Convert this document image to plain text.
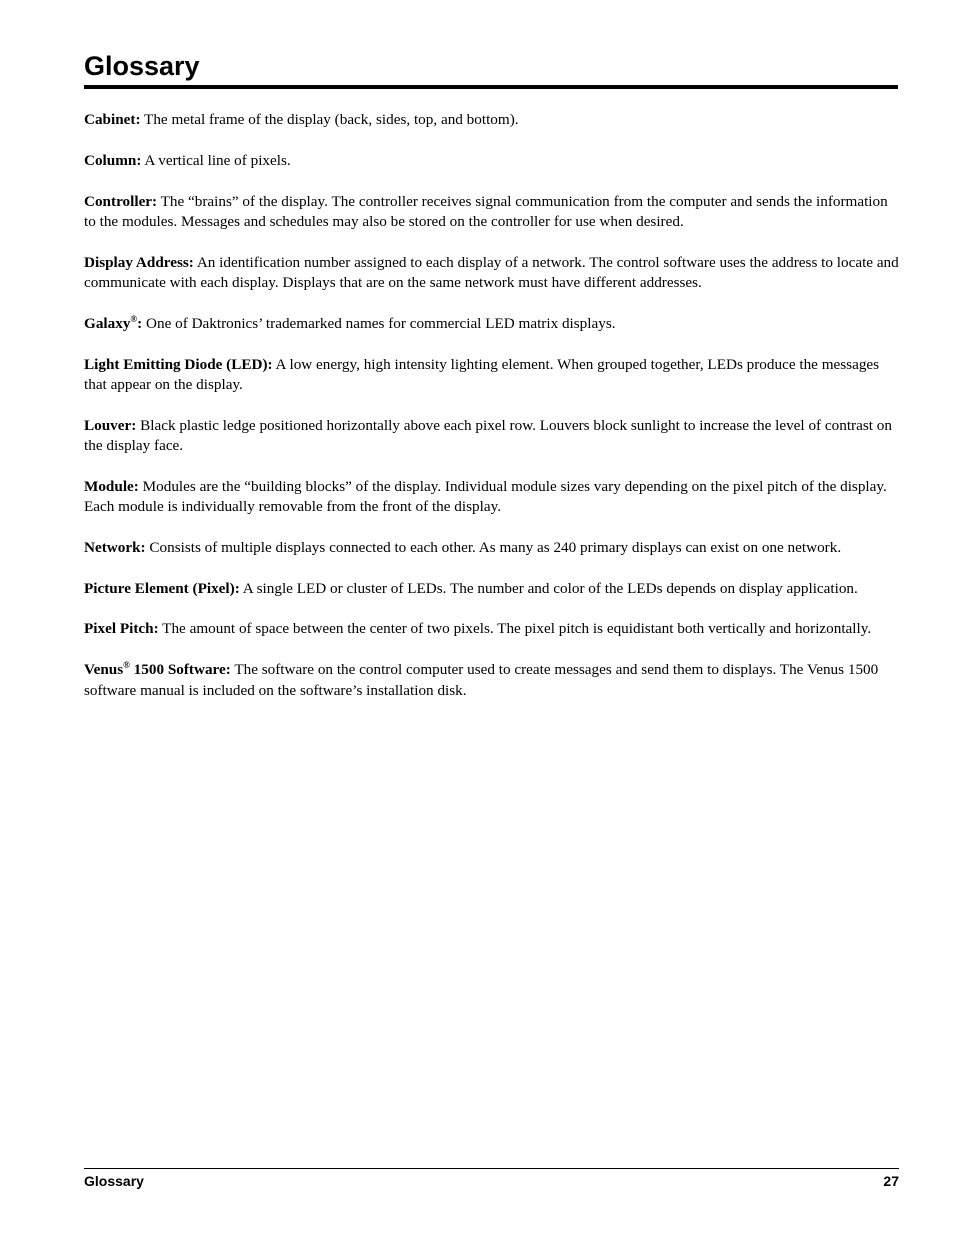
Glossary

Cabinet: The metal frame of the display (back, sides, top, and bottom).

Column: A vertical line of pixels.

Controller: The “brains” of the display. The controller receives signal communication from the computer and sends the information to the modules. Messages and schedules may also be stored on the controller for use when desired.

Display Address: An identification number assigned to each display of a network. The control software uses the address to locate and communicate with each display. Displays that are on the same network must have different addresses.

Galaxy®: One of Daktronics’ trademarked names for commercial LED matrix displays.

Light Emitting Diode (LED): A low energy, high intensity lighting element. When grouped together, LEDs produce the messages that appear on the display.

Louver: Black plastic ledge positioned horizontally above each pixel row. Louvers block sunlight to increase the level of contrast on the display face.

Module: Modules are the “building blocks” of the display. Individual module sizes vary depending on the pixel pitch of the display. Each module is individually removable from the front of the display.

Network: Consists of multiple displays connected to each other. As many as 240 primary displays can exist on one network.

Picture Element (Pixel): A single LED or cluster of LEDs. The number and color of the LEDs depends on display application.

Pixel Pitch: The amount of space between the center of two pixels. The pixel pitch is equidistant both vertically and horizontally.

Venus® 1500 Software: The software on the control computer used to create messages and send them to displays. The Venus 1500 software manual is included on the software’s installation disk.

Glossary	27
